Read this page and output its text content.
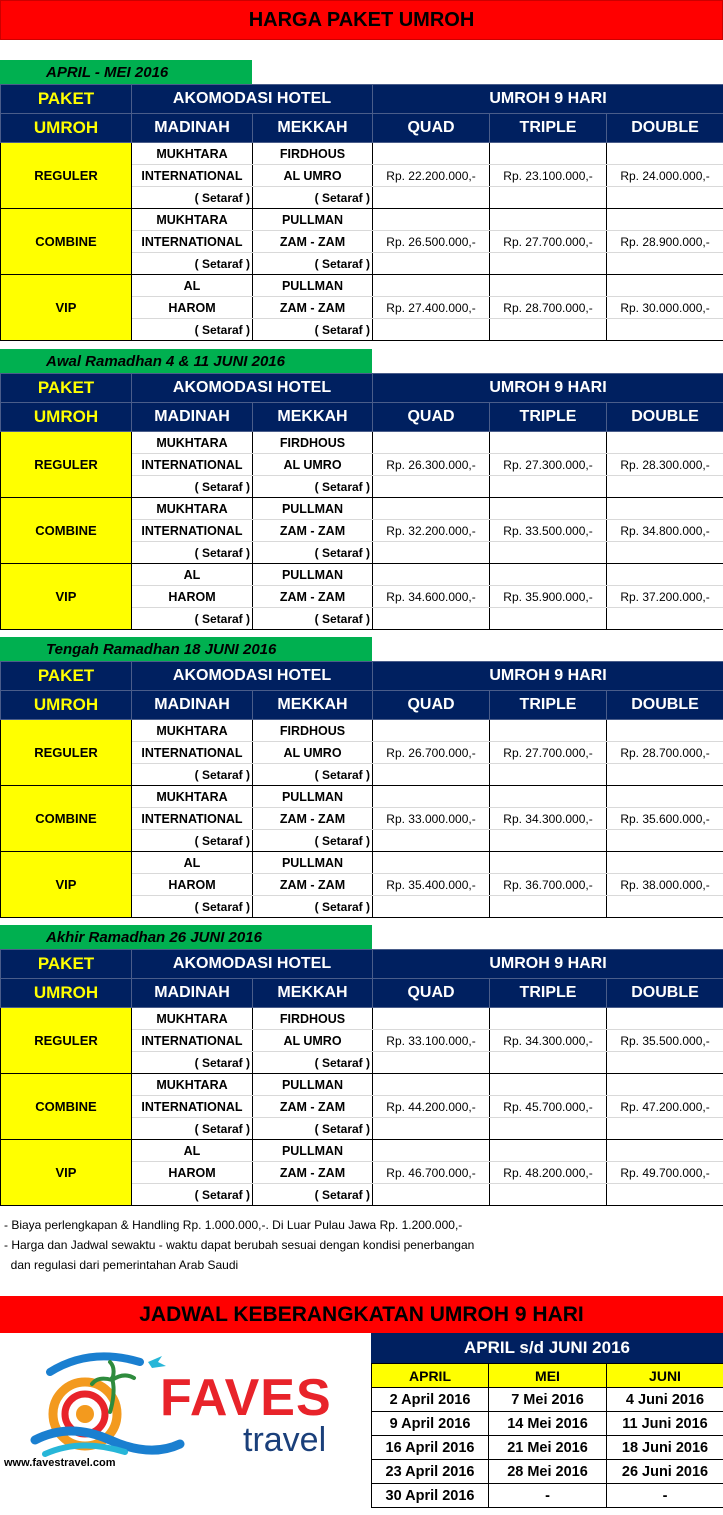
HARGA PAKET UMROH
APRIL - MEI 2016
PAKET	AKOMODASI HOTEL		UMROH 9 HARI		
UMROH	MADINAH	MEKKAH	QUAD	TRIPLE	DOUBLE
REGULER	MUKHTARA	FIRDHOUS			
	INTERNATIONAL	AL UMRO	Rp. 22.200.000,-	Rp. 23.100.000,-	Rp. 24.000.000,-
	( Setaraf )	( Setaraf )			
COMBINE	MUKHTARA	PULLMAN			
	INTERNATIONAL	ZAM - ZAM	Rp. 26.500.000,-	Rp. 27.700.000,-	Rp. 28.900.000,-
	( Setaraf )	( Setaraf )			
VIP	AL	PULLMAN			
	HAROM	ZAM - ZAM	Rp. 27.400.000,-	Rp. 28.700.000,-	Rp. 30.000.000,-
	( Setaraf )	( Setaraf )			
Awal Ramadhan 4 & 11 JUNI 2016
PAKET	AKOMODASI HOTEL		UMROH 9 HARI		
UMROH	MADINAH	MEKKAH	QUAD	TRIPLE	DOUBLE
REGULER	MUKHTARA	FIRDHOUS			
	INTERNATIONAL	AL UMRO	Rp. 26.300.000,-	Rp. 27.300.000,-	Rp. 28.300.000,-
	( Setaraf )	( Setaraf )			
COMBINE	MUKHTARA	PULLMAN			
	INTERNATIONAL	ZAM - ZAM	Rp. 32.200.000,-	Rp. 33.500.000,-	Rp. 34.800.000,-
	( Setaraf )	( Setaraf )			
VIP	AL	PULLMAN			
	HAROM	ZAM - ZAM	Rp. 34.600.000,-	Rp. 35.900.000,-	Rp. 37.200.000,-
	( Setaraf )	( Setaraf )			
Tengah Ramadhan 18 JUNI 2016
PAKET	AKOMODASI HOTEL		UMROH 9 HARI		
UMROH	MADINAH	MEKKAH	QUAD	TRIPLE	DOUBLE
REGULER	MUKHTARA	FIRDHOUS			
	INTERNATIONAL	AL UMRO	Rp. 26.700.000,-	Rp. 27.700.000,-	Rp. 28.700.000,-
	( Setaraf )	( Setaraf )			
COMBINE	MUKHTARA	PULLMAN			
	INTERNATIONAL	ZAM - ZAM	Rp. 33.000.000,-	Rp. 34.300.000,-	Rp. 35.600.000,-
	( Setaraf )	( Setaraf )			
VIP	AL	PULLMAN			
	HAROM	ZAM - ZAM	Rp. 35.400.000,-	Rp. 36.700.000,-	Rp. 38.000.000,-
	( Setaraf )	( Setaraf )			
Akhir Ramadhan 26 JUNI 2016
PAKET	AKOMODASI HOTEL		UMROH 9 HARI		
UMROH	MADINAH	MEKKAH	QUAD	TRIPLE	DOUBLE
REGULER	MUKHTARA	FIRDHOUS			
	INTERNATIONAL	AL UMRO	Rp. 33.100.000,-	Rp. 34.300.000,-	Rp. 35.500.000,-
	( Setaraf )	( Setaraf )			
COMBINE	MUKHTARA	PULLMAN			
	INTERNATIONAL	ZAM - ZAM	Rp. 44.200.000,-	Rp. 45.700.000,-	Rp. 47.200.000,-
	( Setaraf )	( Setaraf )			
VIP	AL	PULLMAN			
	HAROM	ZAM - ZAM	Rp. 46.700.000,-	Rp. 48.200.000,-	Rp. 49.700.000,-
	( Setaraf )	( Setaraf )			
- Biaya perlengkapan & Handling Rp. 1.000.000,-. Di Luar Pulau Jawa Rp. 1.200.000,-
- Harga dan Jadwal sewaktu - waktu dapat berubah sesuai dengan kondisi penerbangan
dan regulasi dari pemerintahan Arab Saudi
JADWAL KEBERANGKATAN UMROH 9 HARI
APRIL s/d JUNI 2016
APRIL	MEI	JUNI
2 April 2016	7 Mei 2016	4 Juni 2016
9 April 2016	14 Mei 2016	11 Juni 2016
16 April 2016	21 Mei 2016	18 Juni 2016
23 April 2016	28 Mei 2016	26 Juni 2016
30 April 2016	-	-
FAVES
travel
www.favestravel.com
